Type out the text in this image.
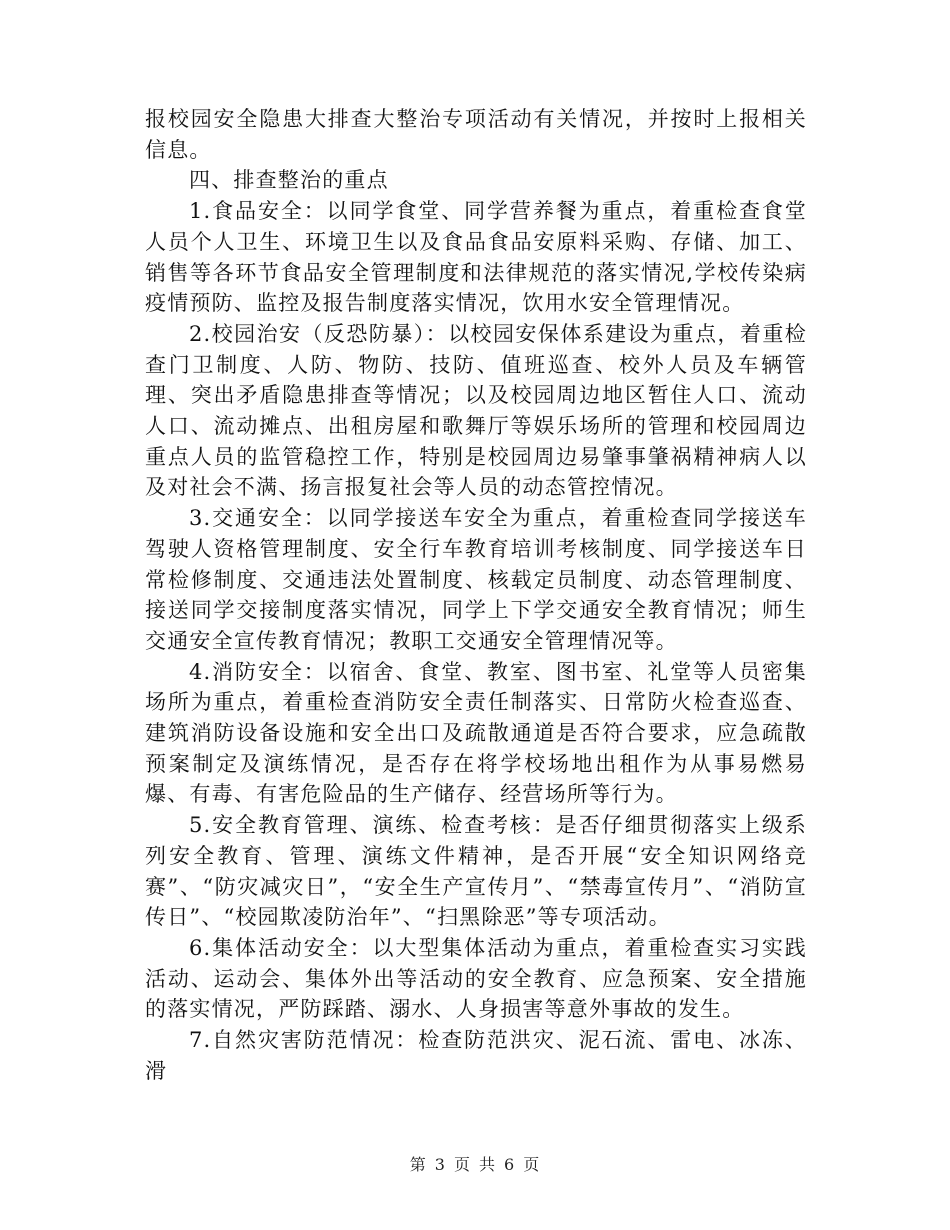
报校园安全隐患大排查大整治专项活动有关情况，并按时上报相关信息。

四、排查整治的重点

1.食品安全：以同学食堂、同学营养餐为重点，着重检查食堂人员个人卫生、环境卫生以及食品食品安原料采购、存储、加工、销售等各环节食品安全管理制度和法律规范的落实情况,学校传染病疫情预防、监控及报告制度落实情况，饮用水安全管理情况。

2.校园治安（反恐防暴）：以校园安保体系建设为重点，着重检查门卫制度、人防、物防、技防、值班巡查、校外人员及车辆管理、突出矛盾隐患排查等情况；以及校园周边地区暂住人口、流动人口、流动摊点、出租房屋和歌舞厅等娱乐场所的管理和校园周边重点人员的监管稳控工作，特别是校园周边易肇事肇祸精神病人以及对社会不满、扬言报复社会等人员的动态管控情况。

3.交通安全：以同学接送车安全为重点，着重检查同学接送车驾驶人资格管理制度、安全行车教育培训考核制度、同学接送车日常检修制度、交通违法处置制度、核载定员制度、动态管理制度、接送同学交接制度落实情况，同学上下学交通安全教育情况；师生交通安全宣传教育情况；教职工交通安全管理情况等。

4.消防安全：以宿舍、食堂、教室、图书室、礼堂等人员密集场所为重点，着重检查消防安全责任制落实、日常防火检查巡查、建筑消防设备设施和安全出口及疏散通道是否符合要求，应急疏散预案制定及演练情况，是否存在将学校场地出租作为从事易燃易爆、有毒、有害危险品的生产储存、经营场所等行为。

5.安全教育管理、演练、检查考核：是否仔细贯彻落实上级系列安全教育、管理、演练文件精神，是否开展“安全知识网络竞赛”、“防灾减灾日”，“安全生产宣传月”、“禁毒宣传月”、“消防宣传日”、“校园欺凌防治年”、“扫黑除恶”等专项活动。

6.集体活动安全：以大型集体活动为重点，着重检查实习实践活动、运动会、集体外出等活动的安全教育、应急预案、安全措施的落实情况，严防踩踏、溺水、人身损害等意外事故的发生。

7.自然灾害防范情况：检查防范洪灾、泥石流、雷电、冰冻、滑

第 3 页 共 6 页
